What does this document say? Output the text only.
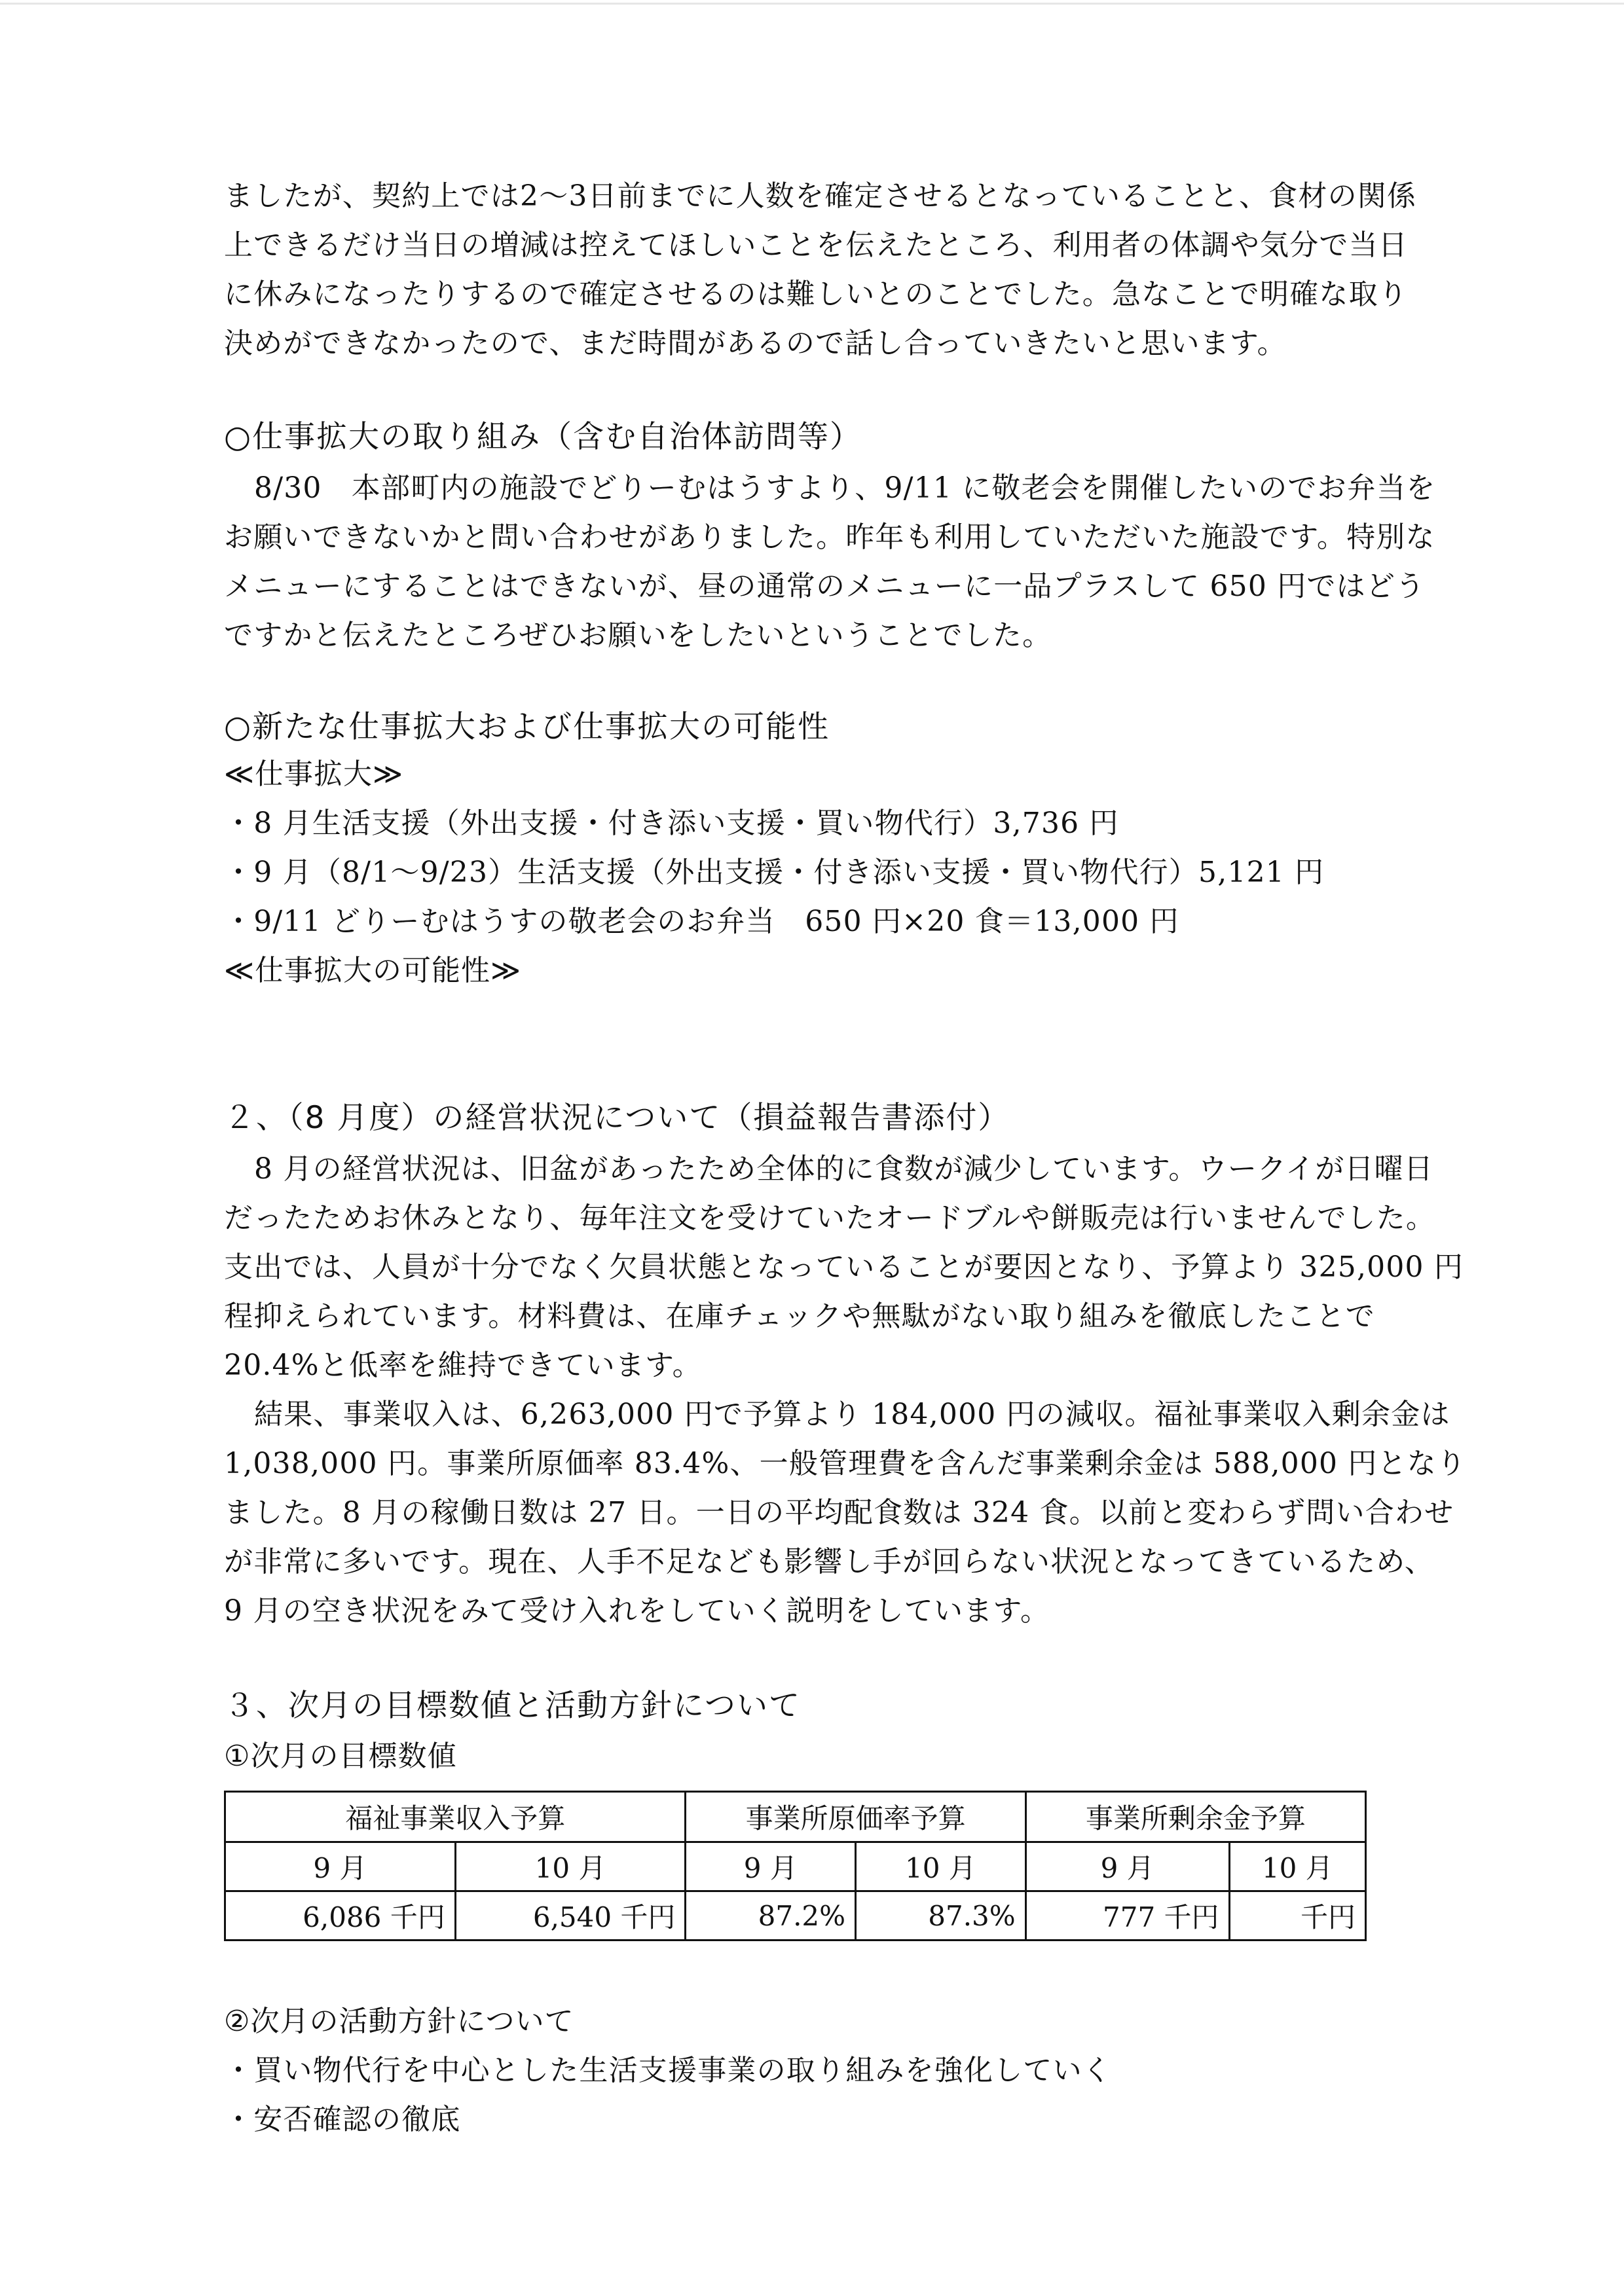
ましたが、契約上では2～3日前までに人数を確定させるとなっていることと、食材の関係
上できるだけ当日の増減は控えてほしいことを伝えたところ、利用者の体調や気分で当日
に休みになったりするので確定させるのは難しいとのことでした。急なことで明確な取り
決めができなかったので、まだ時間があるので話し合っていきたいと思います。
○仕事拡大の取り組み（含む自治体訪問等）
8/30　本部町内の施設でどりーむはうすより、9/11 に敬老会を開催したいのでお弁当を
お願いできないかと問い合わせがありました。昨年も利用していただいた施設です。特別な
メニューにすることはできないが、昼の通常のメニューに一品プラスして 650 円ではどう
ですかと伝えたところぜひお願いをしたいということでした。
○新たな仕事拡大および仕事拡大の可能性
≪仕事拡大≫
・8 月生活支援（外出支援・付き添い支援・買い物代行）3,736 円
・9 月（8/1～9/23）生活支援（外出支援・付き添い支援・買い物代行）5,121 円
・9/11 どりーむはうすの敬老会のお弁当　650 円×20 食＝13,000 円
≪仕事拡大の可能性≫
２、（8 月度）の経営状況について（損益報告書添付）
8 月の経営状況は、旧盆があったため全体的に食数が減少しています。ウークイが日曜日
だったためお休みとなり、毎年注文を受けていたオードブルや餅販売は行いませんでした。
支出では、人員が十分でなく欠員状態となっていることが要因となり、予算より 325,000 円
程抑えられています。材料費は、在庫チェックや無駄がない取り組みを徹底したことで
20.4%と低率を維持できています。
結果、事業収入は、6,263,000 円で予算より 184,000 円の減収。福祉事業収入剰余金は
1,038,000 円。事業所原価率 83.4%、一般管理費を含んだ事業剰余金は 588,000 円となり
ました。8 月の稼働日数は 27 日。一日の平均配食数は 324 食。以前と変わらず問い合わせ
が非常に多いです。現在、人手不足なども影響し手が回らない状況となってきているため、
9 月の空き状況をみて受け入れをしていく説明をしています。
３、次月の目標数値と活動方針について
①次月の目標数値
福祉事業収入予算		事業所原価率予算		事業所剰余金予算	
9 月	10 月	9 月	10 月	9 月	10 月
6,086 千円	6,540 千円	87.2%	87.3%	777 千円	千円
②次月の活動方針について
・買い物代行を中心とした生活支援事業の取り組みを強化していく
・安否確認の徹底
